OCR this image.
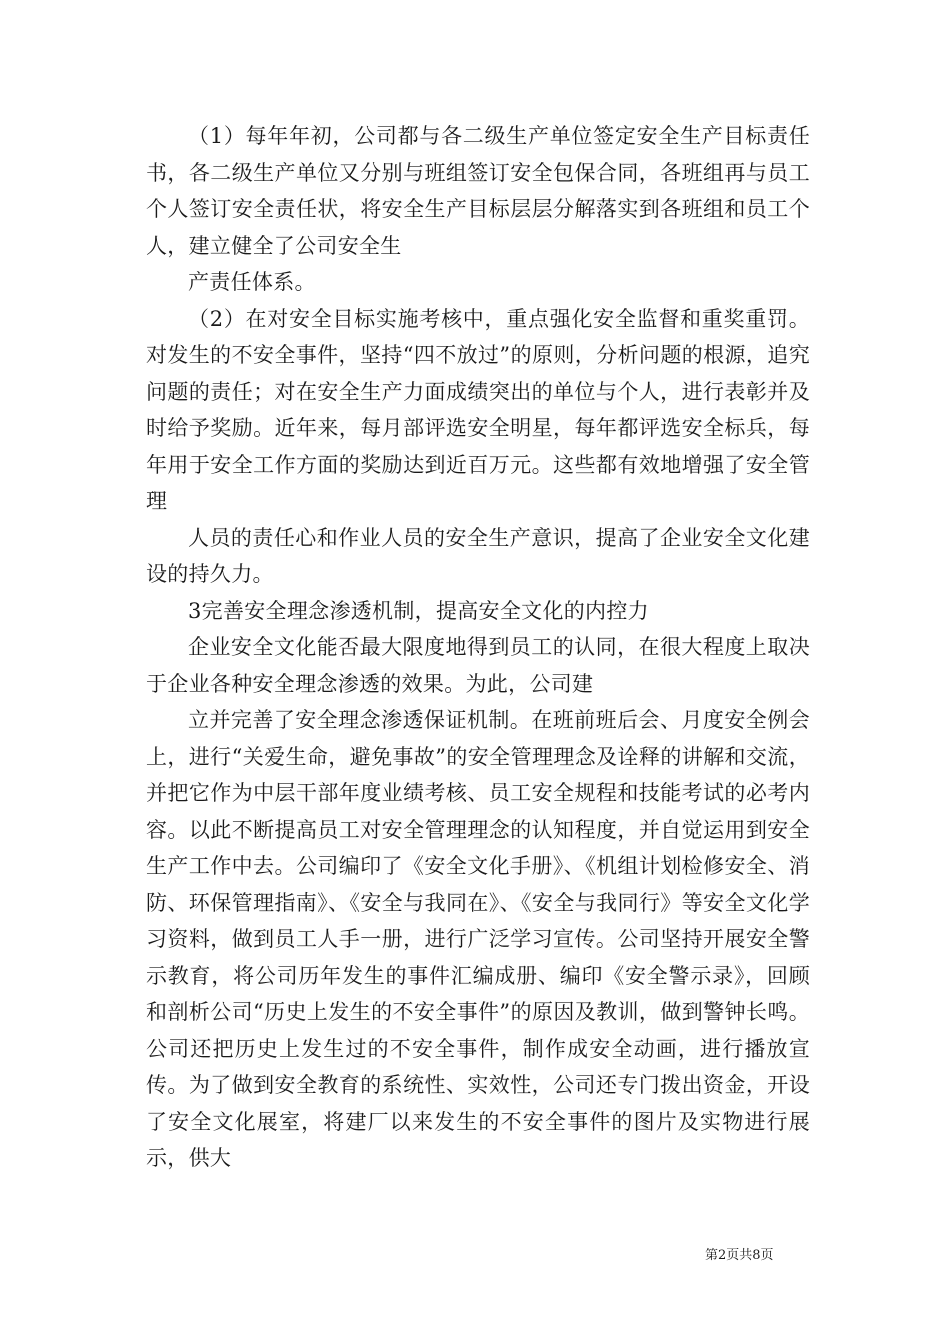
（1）每年年初，公司都与各二级生产单位签定安全生产目标责任书，各二级生产单位又分别与班组签订安全包保合同，各班组再与员工个人签订安全责任状，将安全生产目标层层分解落实到各班组和员工个人，建立健全了公司安全生

产责任体系。

（2）在对安全目标实施考核中，重点强化安全监督和重奖重罚。对发生的不安全事件，坚持“四不放过”的原则，分析问题的根源，追究问题的责任；对在安全生产力面成绩突出的单位与个人，进行表彰并及时给予奖励。近年来，每月部评选安全明星，每年都评选安全标兵，每年用于安全工作方面的奖励达到近百万元。这些都有效地增强了安全管理

人员的责任心和作业人员的安全生产意识，提高了企业安全文化建设的持久力。

3完善安全理念渗透机制，提高安全文化的内控力

企业安全文化能否最大限度地得到员工的认同，在很大程度上取决于企业各种安全理念渗透的效果。为此，公司建

立并完善了安全理念渗透保证机制。在班前班后会、月度安全例会上，进行“关爱生命，避免事故”的安全管理理念及诠释的讲解和交流，并把它作为中层干部年度业绩考核、员工安全规程和技能考试的必考内容。以此不断提高员工对安全管理理念的认知程度，并自觉运用到安全生产工作中去。公司编印了《安全文化手册》、《机组计划检修安全、消防、环保管理指南》、《安全与我同在》、《安全与我同行》等安全文化学习资料，做到员工人手一册，进行广泛学习宣传。公司坚持开展安全警示教育，将公司历年发生的事件汇编成册、编印《安全警示录》，回顾和剖析公司“历史上发生的不安全事件”的原因及教训，做到警钟长鸣。公司还把历史上发生过的不安全事件，制作成安全动画，进行播放宣传。为了做到安全教育的系统性、实效性，公司还专门拨出资金，开设了安全文化展室，将建厂以来发生的不安全事件的图片及实物进行展示，供大

第2页共8页
